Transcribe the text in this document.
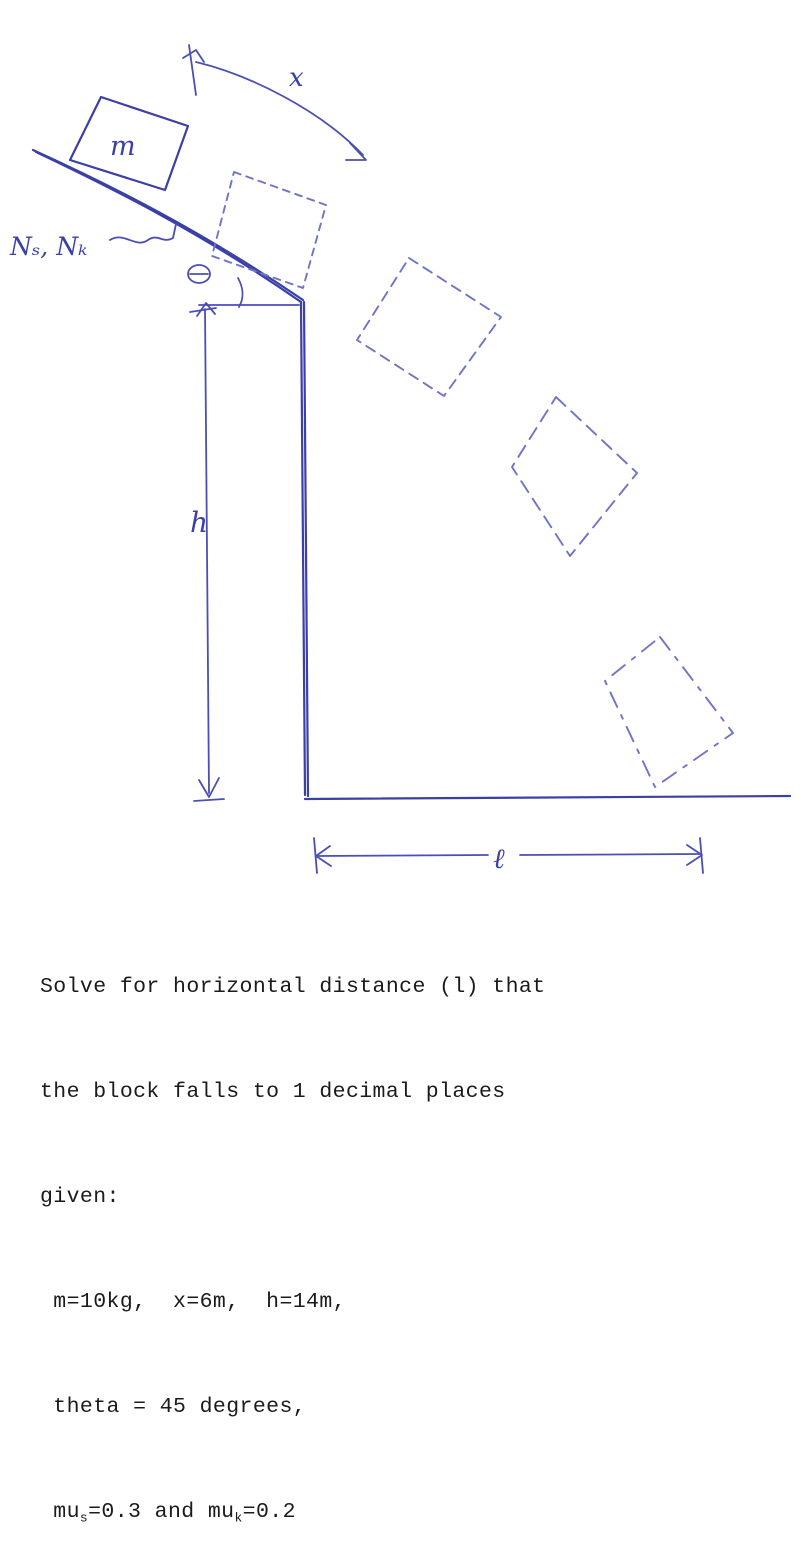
m
x
Nₛ, Nₖ
h
ℓ

Solve for horizontal distance (l) that

the block falls to 1 decimal places

given:

m=10kg,  x=6m,  h=14m,

theta = 45 degrees,

$mu_s=0.3$ and $mu_k=0.2$
